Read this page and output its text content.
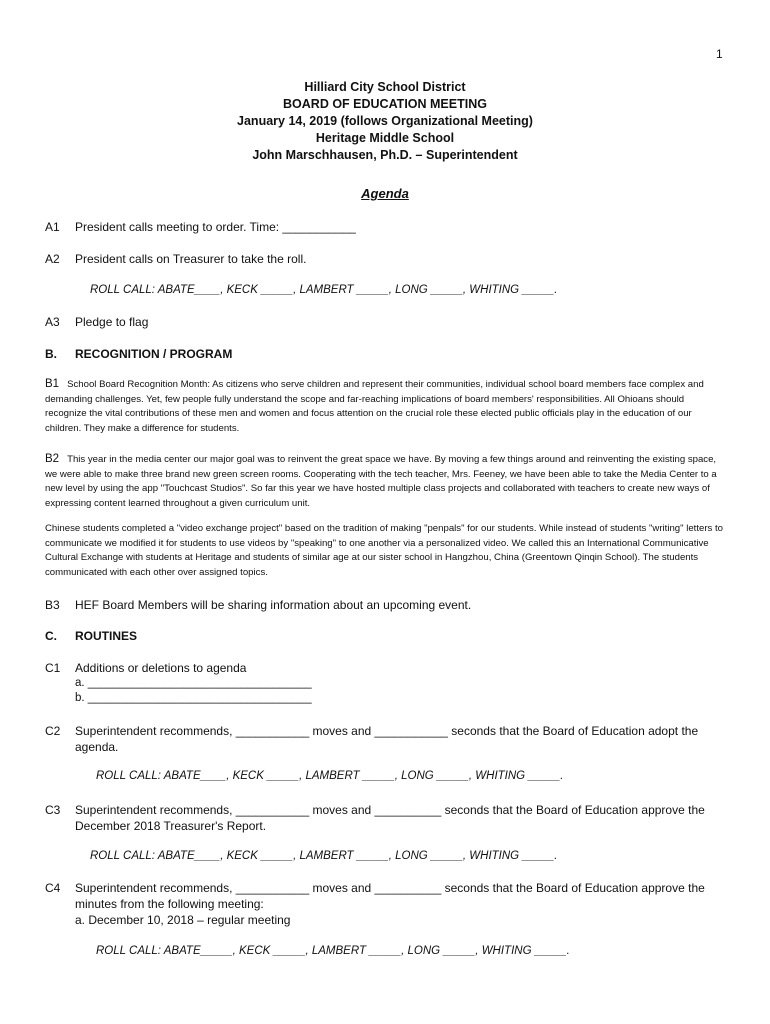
1
Hilliard City School District
BOARD OF EDUCATION MEETING
January 14, 2019 (follows Organizational Meeting)
Heritage Middle School
John Marschhausen, Ph.D. – Superintendent
Agenda
A1 President calls meeting to order. Time: ___________
A2 President calls on Treasurer to take the roll.
ROLL CALL: ABATE____, KECK _____, LAMBERT _____, LONG _____, WHITING _____.
A3 Pledge to flag
B. RECOGNITION / PROGRAM
B1 School Board Recognition Month: As citizens who serve children and represent their communities, individual school board members face complex and demanding challenges. Yet, few people fully understand the scope and far-reaching implications of board members' responsibilities. All Ohioans should recognize the vital contributions of these men and women and focus attention on the crucial role these elected public officials play in the education of our children. They make a difference for students.
B2 This year in the media center our major goal was to reinvent the great space we have. By moving a few things around and reinventing the existing space, we were able to make three brand new green screen rooms. Cooperating with the tech teacher, Mrs. Feeney, we have been able to take the Media Center to a new level by using the app "Touchcast Studios". So far this year we have hosted multiple class projects and collaborated with teachers to create new ways of expressing content learned throughout a given curriculum unit.
Chinese students completed a "video exchange project" based on the tradition of making "penpals" for our students. While instead of students "writing" letters to communicate we modified it for students to use videos by "speaking" to one another via a personalized video. We called this an International Communicative Cultural Exchange with students at Heritage and students of similar age at our sister school in Hangzhou, China (Greentown Qinqin School). The students communicated with each other over assigned topics.
B3 HEF Board Members will be sharing information about an upcoming event.
C. ROUTINES
C1 Additions or deletions to agenda
a. ___________________________________
b. ___________________________________
C2 Superintendent recommends, ___________ moves and ___________ seconds that the Board of Education adopt the
agenda.
ROLL CALL: ABATE____, KECK _____, LAMBERT _____, LONG _____, WHITING _____.
C3 Superintendent recommends, ___________ moves and __________ seconds that the Board of Education approve the
December 2018 Treasurer's Report.
ROLL CALL: ABATE____, KECK _____, LAMBERT _____, LONG _____, WHITING _____.
C4 Superintendent recommends, ___________ moves and __________ seconds that the Board of Education approve the
minutes from the following meeting:
a. December 10, 2018 – regular meeting
ROLL CALL: ABATE_____, KECK _____, LAMBERT _____, LONG _____, WHITING _____.
